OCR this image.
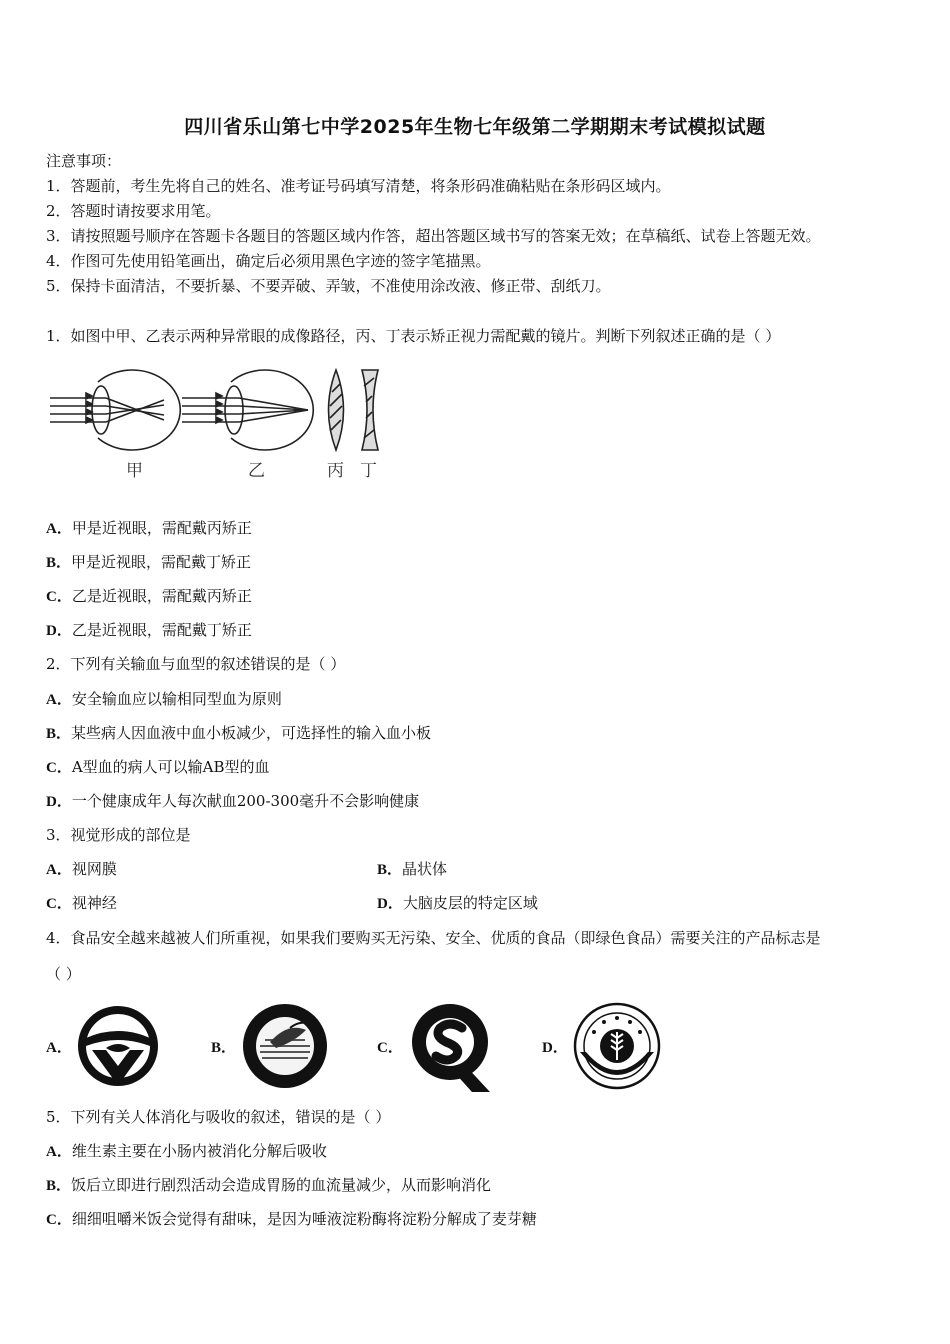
四川省乐山第七中学2025年生物七年级第二学期期末考试模拟试题
注意事项：
1．答题前，考生先将自己的姓名、准考证号码填写清楚，将条形码准确粘贴在条形码区域内。
2．答题时请按要求用笔。
3．请按照题号顺序在答题卡各题目的答题区域内作答，超出答题区域书写的答案无效；在草稿纸、试卷上答题无效。
4．作图可先使用铅笔画出，确定后必须用黑色字迹的签字笔描黑。
5．保持卡面清洁，不要折暴、不要弄破、弄皱，不准使用涂改液、修正带、刮纸刀。
1．如图中甲、乙表示两种异常眼的成像路径，丙、丁表示矫正视力需配戴的镜片。判断下列叙述正确的是（ ）
甲	乙	丙 丁
A．甲是近视眼，需配戴丙矫正
B．甲是近视眼，需配戴丁矫正
C．乙是近视眼，需配戴丙矫正
D．乙是近视眼，需配戴丁矫正
2．下列有关输血与血型的叙述错误的是（ ）
A．安全输血应以输相同型血为原则
B．某些病人因血液中血小板减少，可选择性的输入血小板
C．A型血的病人可以输AB型的血
D．一个健康成年人每次献血200-300毫升不会影响健康
3．视觉形成的部位是
A．视网膜	B．晶状体
C．视神经	D．大脑皮层的特定区域
4．食品安全越来越被人们所重视，如果我们要购买无污染、安全、优质的食品（即绿色食品）需要关注的产品标志是
（ ）
A．	B．	C．	D．
5．下列有关人体消化与吸收的叙述，错误的是（ ）
A．维生素主要在小肠内被消化分解后吸收
B．饭后立即进行剧烈活动会造成胃肠的血流量减少，从而影响消化
C．细细咀嚼米饭会觉得有甜味，是因为唾液淀粉酶将淀粉分解成了麦芽糖
